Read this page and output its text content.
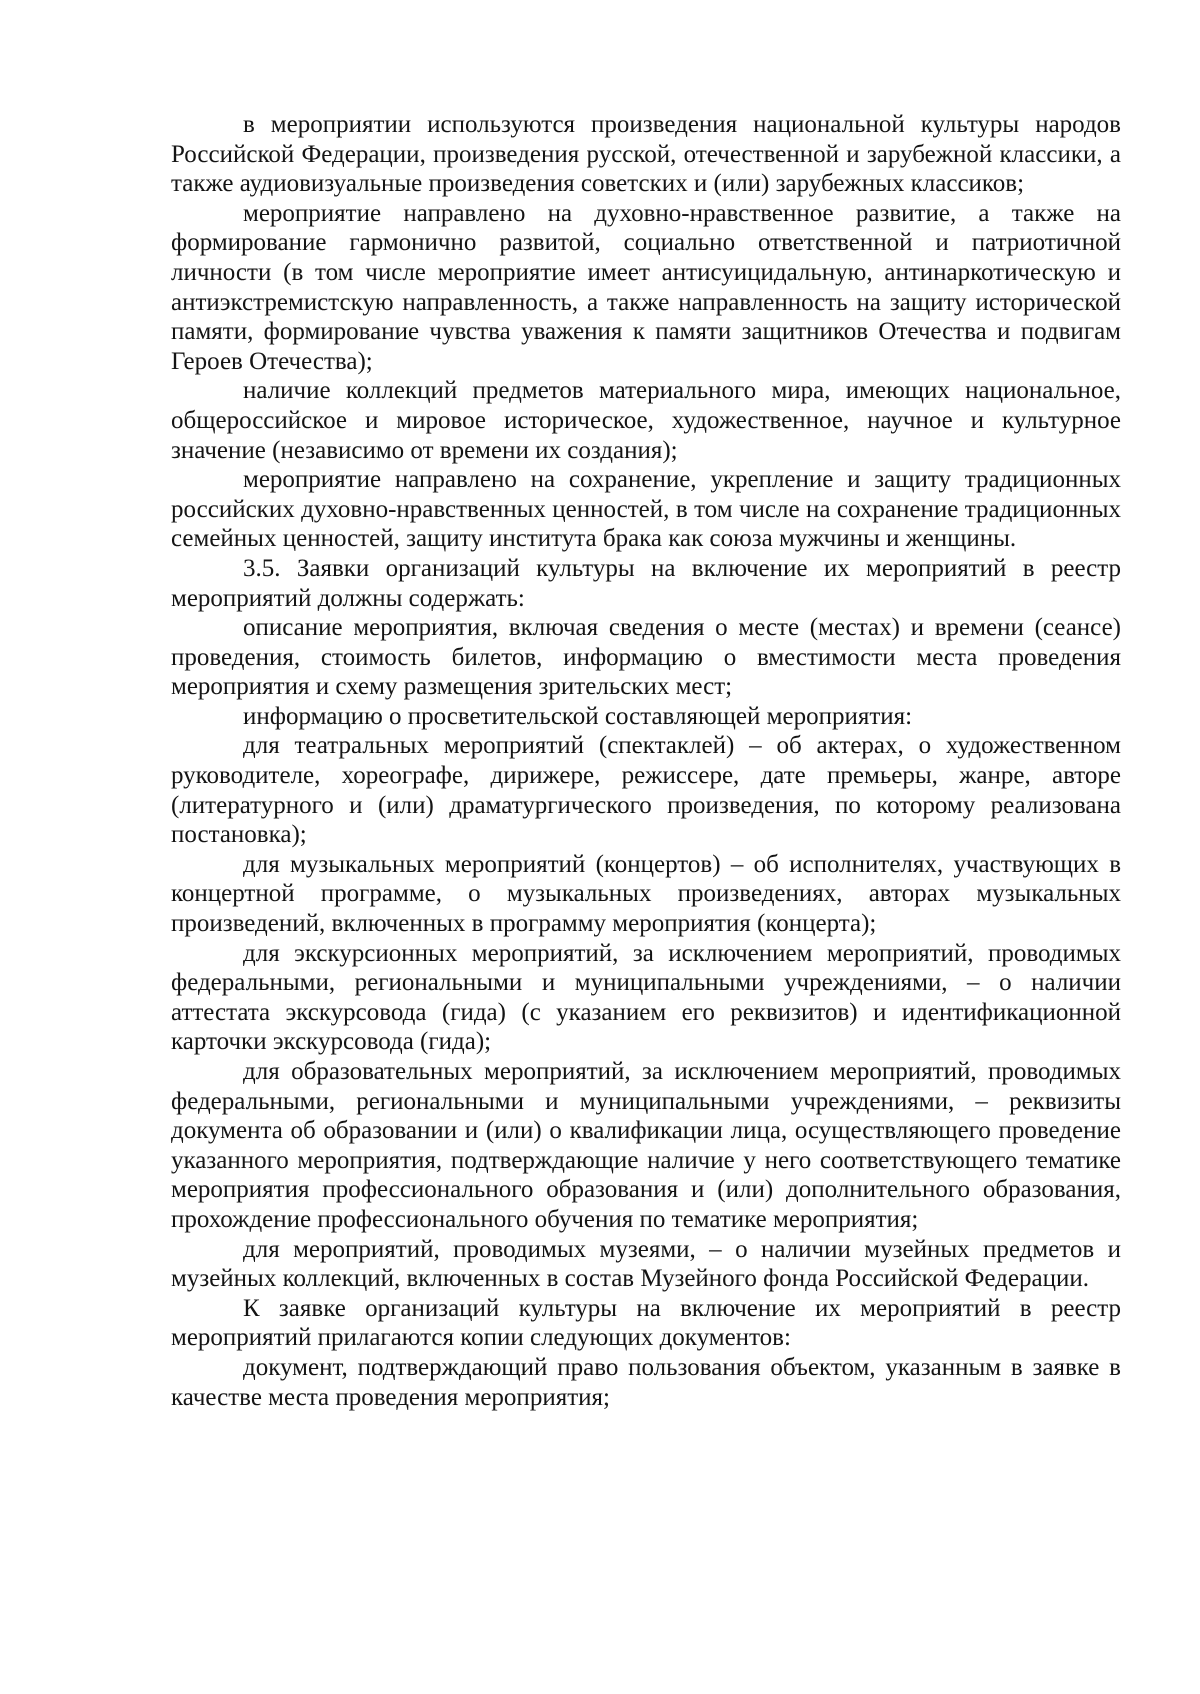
в мероприятии используются произведения национальной культуры народов Российской Федерации, произведения русской, отечественной и зарубежной классики, а также аудиовизуальные произведения советских и (или) зарубежных классиков;

мероприятие направлено на духовно-нравственное развитие, а также на формирование гармонично развитой, социально ответственной и патриотичной личности (в том числе мероприятие имеет антисуицидальную, антинаркотическую и антиэкстремистскую направленность, а также направленность на защиту исторической памяти, формирование чувства уважения к памяти защитников Отечества и подвигам Героев Отечества);

наличие коллекций предметов материального мира, имеющих национальное, общероссийское и мировое историческое, художественное, научное и культурное значение (независимо от времени их создания);

мероприятие направлено на сохранение, укрепление и защиту традиционных российских духовно-нравственных ценностей, в том числе на сохранение традиционных семейных ценностей, защиту института брака как союза мужчины и женщины.

3.5. Заявки организаций культуры на включение их мероприятий в реестр мероприятий должны содержать:

описание мероприятия, включая сведения о месте (местах) и времени (сеансе) проведения, стоимость билетов, информацию о вместимости места проведения мероприятия и схему размещения зрительских мест;

информацию о просветительской составляющей мероприятия:

для театральных мероприятий (спектаклей) – об актерах, о художественном руководителе, хореографе, дирижере, режиссере, дате премьеры, жанре, авторе (литературного и (или) драматургического произведения, по которому реализована постановка);

для музыкальных мероприятий (концертов) – об исполнителях, участвующих в концертной программе, о музыкальных произведениях, авторах музыкальных произведений, включенных в программу мероприятия (концерта);

для экскурсионных мероприятий, за исключением мероприятий, проводимых федеральными, региональными и муниципальными учреждениями, – о наличии аттестата экскурсовода (гида) (с указанием его реквизитов) и идентификационной карточки экскурсовода (гида);

для образовательных мероприятий, за исключением мероприятий, проводимых федеральными, региональными и муниципальными учреждениями, – реквизиты документа об образовании и (или) о квалификации лица, осуществляющего проведение указанного мероприятия, подтверждающие наличие у него соответствующего тематике мероприятия профессионального образования и (или) дополнительного образования, прохождение профессионального обучения по тематике мероприятия;

для мероприятий, проводимых музеями, – о наличии музейных предметов и музейных коллекций, включенных в состав Музейного фонда Российской Федерации.

К заявке организаций культуры на включение их мероприятий в реестр мероприятий прилагаются копии следующих документов:

документ, подтверждающий право пользования объектом, указанным в заявке в качестве места проведения мероприятия;
